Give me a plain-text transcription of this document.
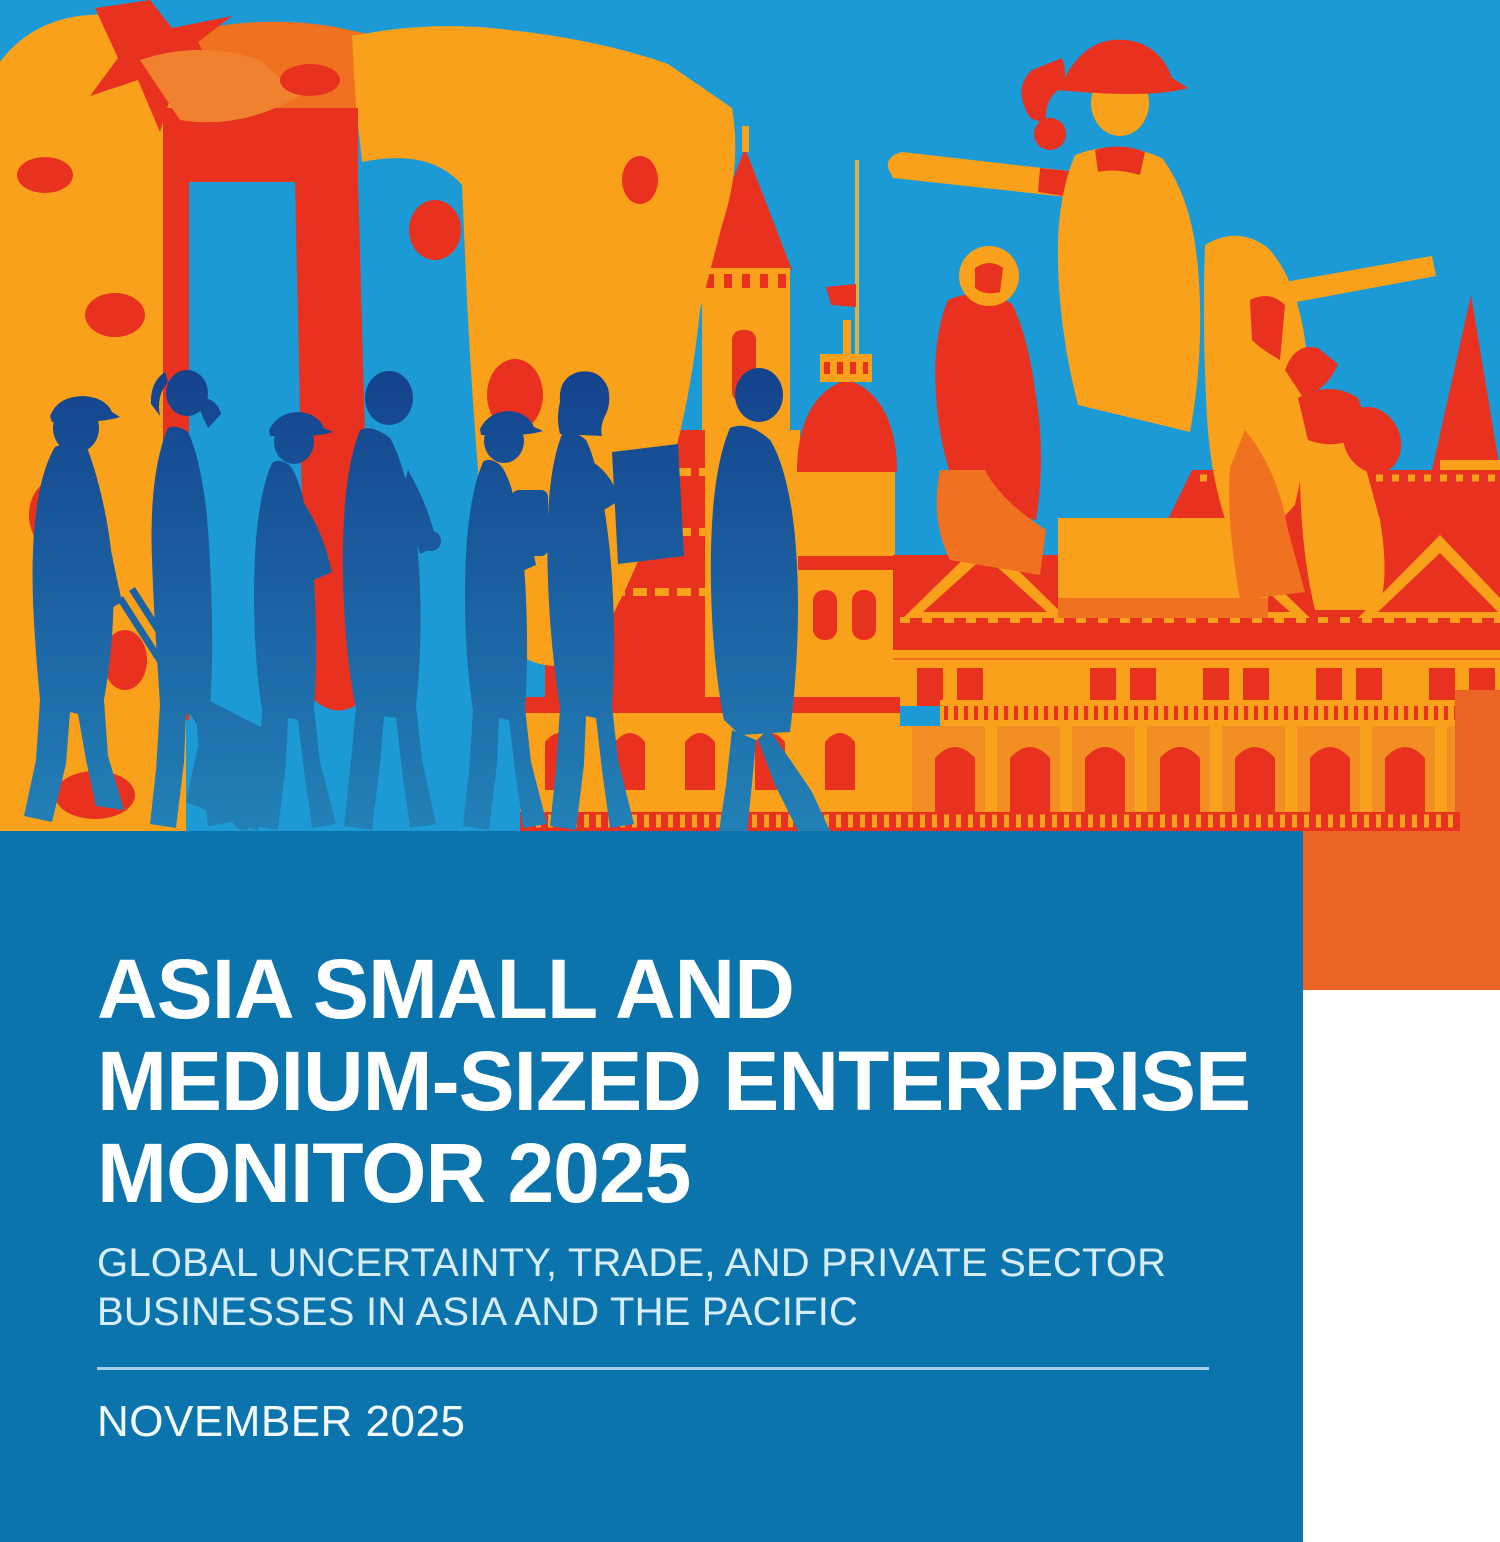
ASIA SMALL AND
MEDIUM-SIZED ENTERPRISE
MONITOR 2025
GLOBAL UNCERTAINTY, TRADE, AND PRIVATE SECTOR
BUSINESSES IN ASIA AND THE PACIFIC
NOVEMBER 2025
